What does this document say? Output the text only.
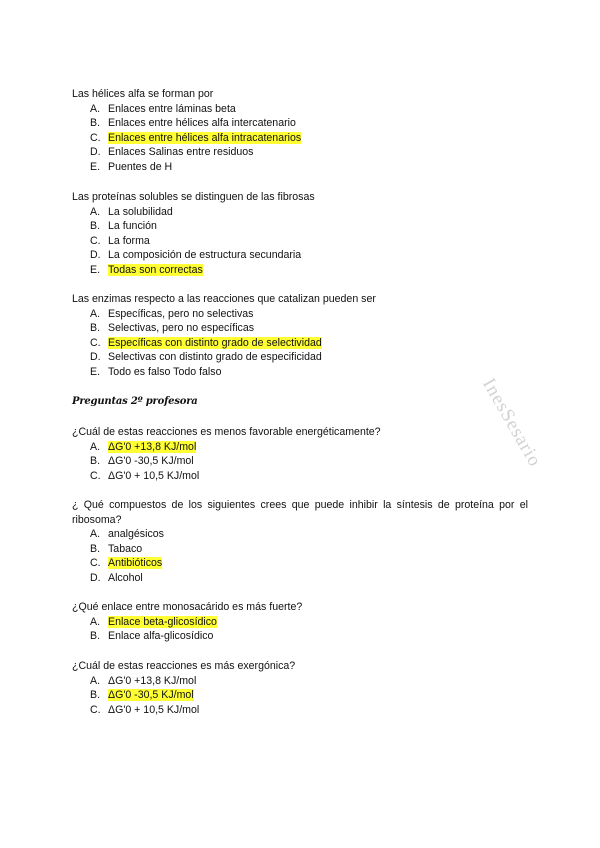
InesSesario

Las hélices alfa se forman por

A. Enlaces entre láminas beta
B. Enlaces entre hélices alfa intercatenario
C. Enlaces entre hélices alfa intracatenarios
D. Enlaces Salinas entre residuos
E. Puentes de H

Las proteínas solubles se distinguen de las fibrosas

A. La solubilidad
B. La función
C. La forma
D. La composición de estructura secundaria
E. Todas son correctas

Las enzimas respecto a las reacciones que catalizan pueden ser

A. Específicas, pero no selectivas
B. Selectivas, pero no específicas
C. Específicas con distinto grado de selectividad
D. Selectivas con distinto grado de especificidad
E. Todo es falso Todo falso
Preguntas 2º profesora

¿Cuál de estas reacciones es menos favorable energéticamente?

A. ΔG'0 +13,8 KJ/mol
B. ΔG'0 -30,5 KJ/mol
C. ΔG'0 + 10,5 KJ/mol

¿ Qué compuestos de los siguientes crees que puede inhibir la síntesis de proteína por el ribosoma?

A. analgésicos
B. Tabaco
C. Antibióticos
D. Alcohol

¿Qué enlace entre monosacárido es más fuerte?

A. Enlace beta-glicosídico
B. Enlace alfa-glicosídico

¿Cuál de estas reacciones es más exergónica?

A. ΔG'0 +13,8 KJ/mol
B. ΔG'0 -30,5 KJ/mol
C. ΔG'0 + 10,5 KJ/mol
